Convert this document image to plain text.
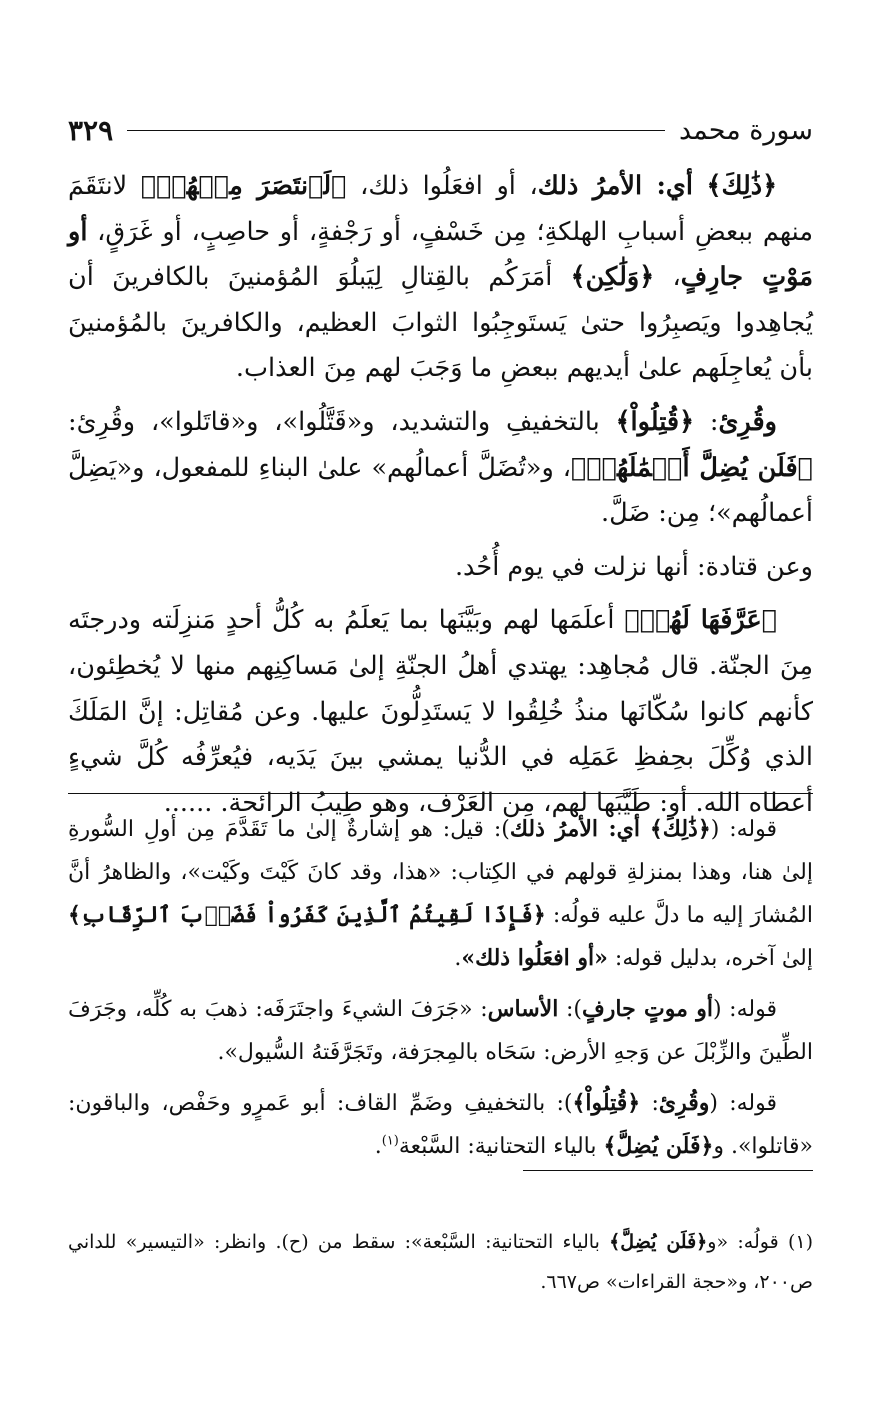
سورة محمد
٣٢٩

﴿ذَٰلِكَ﴾ أي: الأمرُ ذلك، أو افعَلُوا ذلك، ﴿لَٱنتَصَرَ مِنۡهُمۡ﴾ لانتَقَمَ منهم ببعضِ أسبابِ الهلكةِ؛ مِن خَسْفٍ، أو رَجْفةٍ، أو حاصِبٍ، أو غَرَقٍ، أو مَوْتٍ جارِفٍ، ﴿وَلَٰكِن﴾ أمَرَكُم بالقِتالِ لِيَبلُوَ المُؤمنينَ بالكافرينَ أن يُجاهِدوا ويَصبِرُوا حتىٰ يَستَوجِبُوا الثوابَ العظيم، والكافرينَ بالمُؤمنينَ بأن يُعاجِلَهم علىٰ أيديهم ببعضِ ما وَجَبَ لهم مِنَ العذاب.

وقُرِئ: ﴿قُتِلُواْ﴾ بالتخفيفِ والتشديد، و«قَتَّلُوا»، و«قاتَلوا»، وقُرِئ: ﴿فَلَن يُضِلَّ أَعۡمَٰلَهُمۡ﴾، و«تُضَلَّ أعمالُهم» علىٰ البناءِ للمفعول، و«يَضِلَّ أعمالُهم»؛ مِن: ضَلَّ.

وعن قتادة: أنها نزلت في يوم أُحُد.

﴿عَرَّفَهَا لَهُمۡ﴾ أعلَمَها لهم وبَيَّنَها بما يَعلَمُ به كُلُّ أحدٍ مَنزِلَته ودرجتَه مِنَ الجنّة. قال مُجاهِد: يهتدي أهلُ الجنّةِ إلىٰ مَساكِنِهم منها لا يُخطِئون، كأنهم كانوا سُكّانَها منذُ خُلِقُوا لا يَستَدِلُّونَ عليها. وعن مُقاتِل: إنَّ المَلَكَ الذي وُكِّلَ بحِفظِ عَمَلِه في الدُّنيا يمشي بينَ يَدَيه، فيُعرِّفُه كُلَّ شيءٍ أعطاه الله. أو: طَيَّبَها لهم، مِن العَرْف، وهو طِيبُ الرائحة. ......

قوله: (﴿ذَٰلِكَ﴾ أي: الأمرُ ذلك): قيل: هو إشارةٌ إلىٰ ما تَقَدَّمَ مِن أولِ السُّورةِ إلىٰ هنا، وهذا بمنزلةِ قولهم في الكِتاب: «هذا، وقد كانَ كَيْتَ وكَيْت»، والظاهرُ أنَّ المُشارَ إليه ما دلَّ عليه قولُه: ﴿فَإِذَا لَقِيتُمُ ٱلَّذِينَ كَفَرُواْ فَضَرۡبَ ٱلرِّقَابِ﴾ إلىٰ آخره، بدليل قوله: «أو افعَلُوا ذلك».

قوله: (أو موتٍ جارفٍ): الأساس: «جَرَفَ الشيءَ واجتَرَفَه: ذهبَ به كُلِّه، وجَرَفَ الطِّينَ والزِّبْلَ عن وَجهِ الأرض: سَحَاه بالمِجرَفة، وتَجَرَّفَتهُ السُّيول».

قوله: (وقُرِئ: ﴿قُتِلُواْ﴾): بالتخفيفِ وضَمِّ القاف: أبو عَمرٍو وحَفْص، والباقون: «قاتلوا». و﴿فَلَن يُضِلَّ﴾ بالياء التحتانية: السَّبْعة$^{(١)}$.

(١) قولُه: «و﴿فَلَن يُضِلَّ﴾ بالياء التحتانية: السَّبْعة»: سقط من (ح). وانظر: «التيسير» للداني ص٢٠٠، و«حجة القراءات» ص٦٦٧.
